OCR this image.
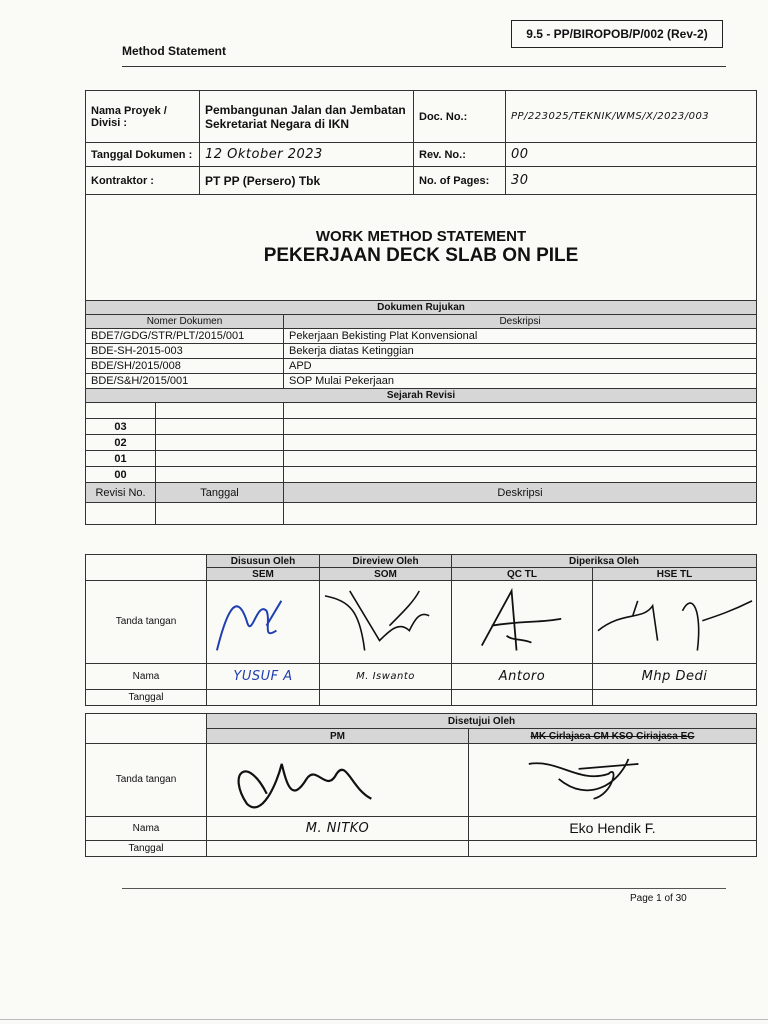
9.5 - PP/BIROPOB/P/002 (Rev-2)
Method Statement
Nama Proyek / Divisi :	Pembangunan Jalan dan Jembatan Sekretariat Negara di IKN	Doc. No.:	PP/223025/TEKNIK/WMS/X/2023/003
Tanggal Dokumen :	12 Oktober 2023	Rev. No.:	00
Kontraktor :	PT PP (Persero) Tbk	No. of Pages:	30
WORK METHOD STATEMENT
PEKERJAAN DECK SLAB ON PILE		

Dokumen Rujukan		
Nomer Dokumen		Deskripsi
BDE7/GDG/STR/PLT/2015/001		Pekerjaan Bekisting Plat Konvensional
BDE-SH-2015-003		Bekerja diatas Ketinggian
BDE/SH/2015/008		APD
BDE/S&H/2015/001		SOP Mulai Pekerjaan
Sejarah Revisi		

03		
02		
01		
00		
Revisi No.	Tanggal	Deskripsi

	Disusun Oleh	Direview Oleh	Diperiksa Oleh	
	SEM	SOM	QC TL	HSE TL
Tanda tangan	

Nama	YUSUF A	M. Iswanto	Antoro	Mhp Dedi
Tanggal				
	Disetujui Oleh	
	PM	MK Cirlajasa CM KSO Ciriajasa EC
Tanda tangan	

Nama	M. NITKO	Eko Hendik F.
Tanggal		
Page 1 of 30
